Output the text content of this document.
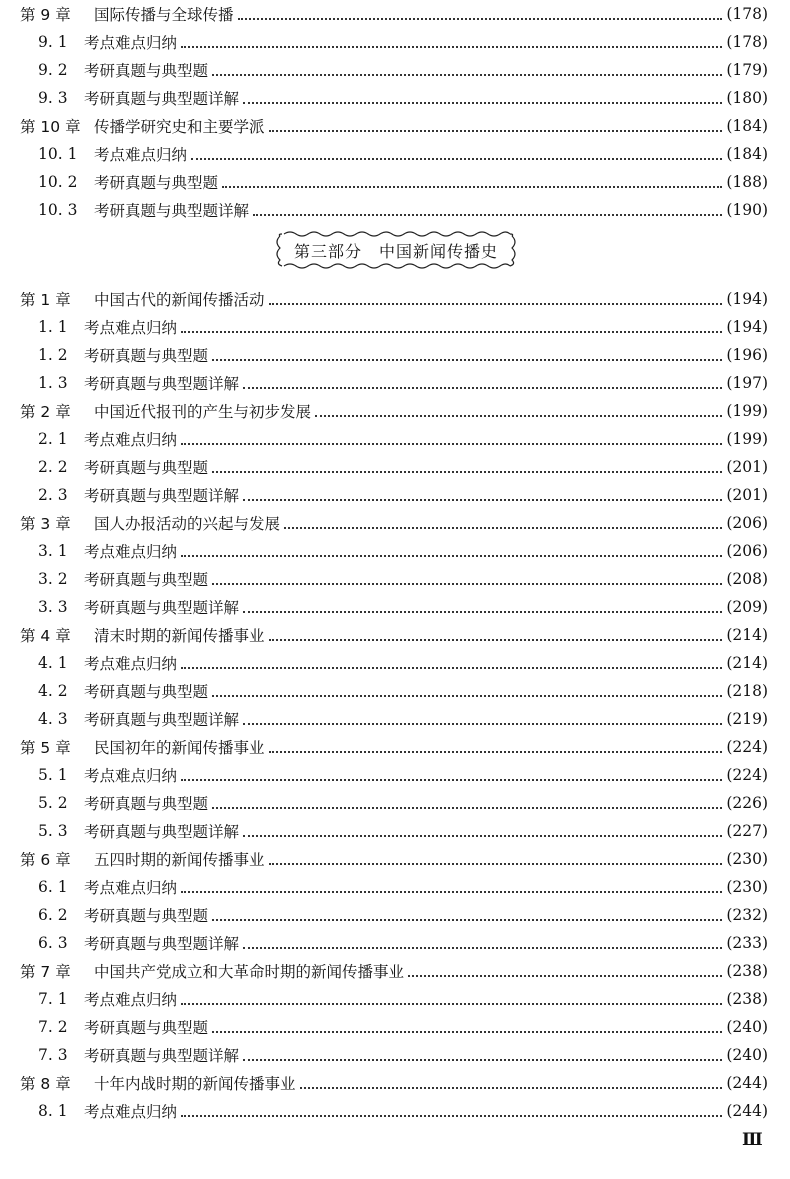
第 9 章	国际传播与全球传播	(178)
9. 1	考点难点归纳	(178)
9. 2	考研真题与典型题	(179)
9. 3	考研真题与典型题详解	(180)
第 10 章 传播学研究史和主要学派	(184)
10. 1	考点难点归纳	(184)
10. 2	考研真题与典型题	(188)
10. 3	考研真题与典型题详解	(190)
第三部分　中国新闻传播史
第 1 章	中国古代的新闻传播活动	(194)
1. 1	考点难点归纳	(194)
1. 2	考研真题与典型题	(196)
1. 3	考研真题与典型题详解	(197)
第 2 章	中国近代报刊的产生与初步发展	(199)
2. 1	考点难点归纳	(199)
2. 2	考研真题与典型题	(201)
2. 3	考研真题与典型题详解	(201)
第 3 章	国人办报活动的兴起与发展	(206)
3. 1	考点难点归纳	(206)
3. 2	考研真题与典型题	(208)
3. 3	考研真题与典型题详解	(209)
第 4 章	清末时期的新闻传播事业	(214)
4. 1	考点难点归纳	(214)
4. 2	考研真题与典型题	(218)
4. 3	考研真题与典型题详解	(219)
第 5 章	民国初年的新闻传播事业	(224)
5. 1	考点难点归纳	(224)
5. 2	考研真题与典型题	(226)
5. 3	考研真题与典型题详解	(227)
第 6 章	五四时期的新闻传播事业	(230)
6. 1	考点难点归纳	(230)
6. 2	考研真题与典型题	(232)
6. 3	考研真题与典型题详解	(233)
第 7 章	中国共产党成立和大革命时期的新闻传播事业	(238)
7. 1	考点难点归纳	(238)
7. 2	考研真题与典型题	(240)
7. 3	考研真题与典型题详解	(240)
第 8 章	十年内战时期的新闻传播事业	(244)
8. 1	考点难点归纳	(244)
Ⅲ
